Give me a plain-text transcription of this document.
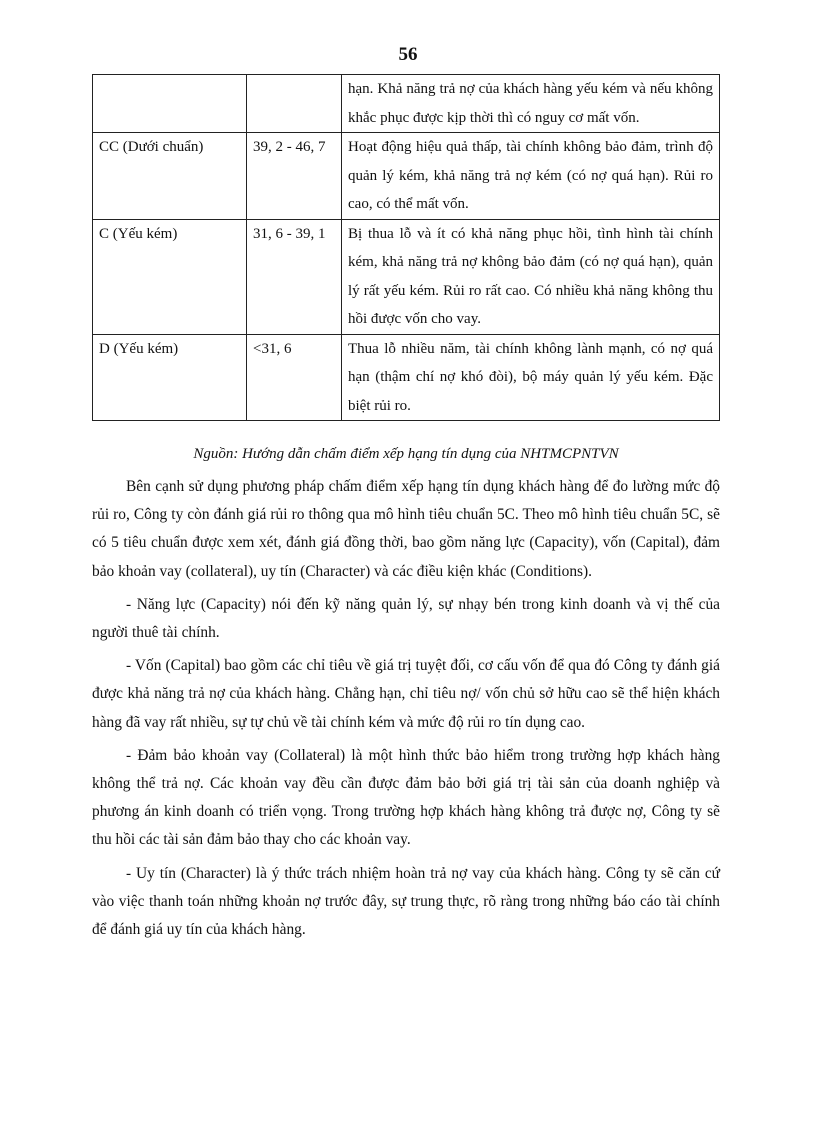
56
		hạn. Khả năng trả nợ của khách hàng yếu kém và nếu không khắc phục được kịp thời thì có nguy cơ mất vốn.
CC (Dưới chuẩn)	39, 2 - 46, 7	Hoạt động hiệu quả thấp, tài chính không bảo đảm, trình độ quản lý kém, khả năng trả nợ kém (có nợ quá hạn). Rủi ro cao, có thể mất vốn.
C (Yếu kém)	31, 6 - 39, 1	Bị thua lỗ và ít có khả năng phục hồi, tình hình tài chính kém, khả năng trả nợ không bảo đảm (có nợ quá hạn), quản lý rất yếu kém. Rủi ro rất cao. Có nhiều khả năng không thu hồi được vốn cho vay.
D (Yếu kém)	<31, 6	Thua lỗ nhiều năm, tài chính không lành mạnh, có nợ quá hạn (thậm chí nợ khó đòi), bộ máy quản lý yếu kém. Đặc biệt rủi ro.
Nguồn: Hướng dẫn chấm điểm xếp hạng tín dụng của NHTMCPNTVN

Bên cạnh sử dụng phương pháp chấm điểm xếp hạng tín dụng khách hàng để đo lường mức độ rủi ro, Công ty còn đánh giá rủi ro thông qua mô hình tiêu chuẩn 5C. Theo mô hình tiêu chuẩn 5C, sẽ có 5 tiêu chuẩn được xem xét, đánh giá đồng thời, bao gồm năng lực (Capacity), vốn (Capital), đảm bảo khoản vay (collateral), uy tín (Character) và các điều kiện khác (Conditions).

- Năng lực (Capacity) nói đến kỹ năng quản lý, sự nhạy bén trong kinh doanh và vị thế của người thuê tài chính.

- Vốn (Capital) bao gồm các chỉ tiêu về giá trị tuyệt đối, cơ cấu vốn để qua đó Công ty đánh giá được khả năng trả nợ của khách hàng. Chẳng hạn, chỉ tiêu nợ/ vốn chủ sở hữu cao sẽ thể hiện khách hàng đã vay rất nhiều, sự tự chủ về tài chính kém và mức độ rủi ro tín dụng cao.

- Đảm bảo khoản vay (Collateral) là một hình thức bảo hiểm trong trường hợp khách hàng không thể trả nợ. Các khoản vay đều cần được đảm bảo bởi giá trị tài sản của doanh nghiệp và phương án kinh doanh có triển vọng. Trong trường hợp khách hàng không trả được nợ, Công ty sẽ thu hồi các tài sản đảm bảo thay cho các khoản vay.

- Uy tín (Character) là ý thức trách nhiệm hoàn trả nợ vay của khách hàng. Công ty sẽ căn cứ vào việc thanh toán những khoản nợ trước đây, sự trung thực, rõ ràng trong những báo cáo tài chính để đánh giá uy tín của khách hàng.
